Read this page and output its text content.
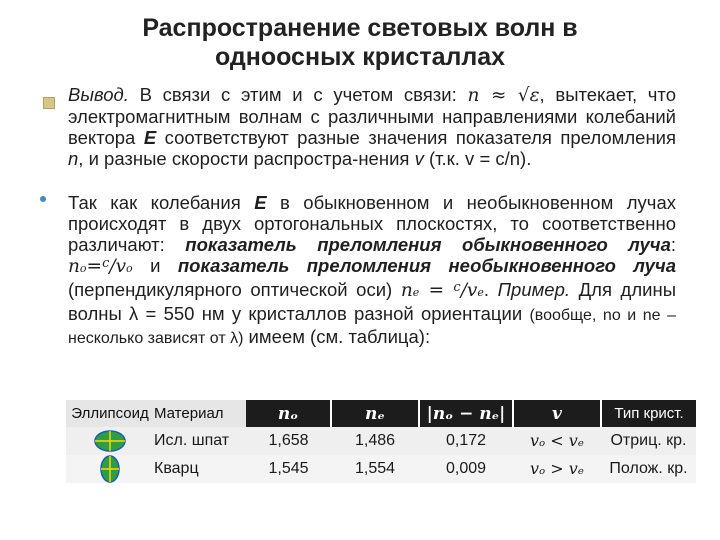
Распространение световых волн в
одноосных кристаллах
Вывод. В связи с этим и с учетом связи: n ≈ √ε, вытекает, что электромагнитным волнам с различными направлениями колебаний вектора E соответствуют разные значения показателя преломления n, и разные скорости распростра-нения v (т.к. v = c/n).
Так как колебания E в обыкновенном и необыкновенном лучах происходят в двух ортогональных плоскостях, то соответственно различают: показатель преломления обыкновенного луча: no=$^c$/vo и показатель преломления необыкновенного луча (перпендикулярного оптической оси) ne = $^c$/ve. Пример. Для длины волны λ = 550 нм у кристаллов разной ориентации (вообще, nо и nе – несколько зависят от λ) имеем (см. таблица):
Эллипсоид	Материал	nₒ	nₑ	|nₒ − nₑ|	v	Тип крист.
	Исл. шпат	1,658	1,486	0,172	vₒ < vₑ	Отриц. кр.
	Кварц	1,545	1,554	0,009	vₒ > vₑ	Полож. кр.
